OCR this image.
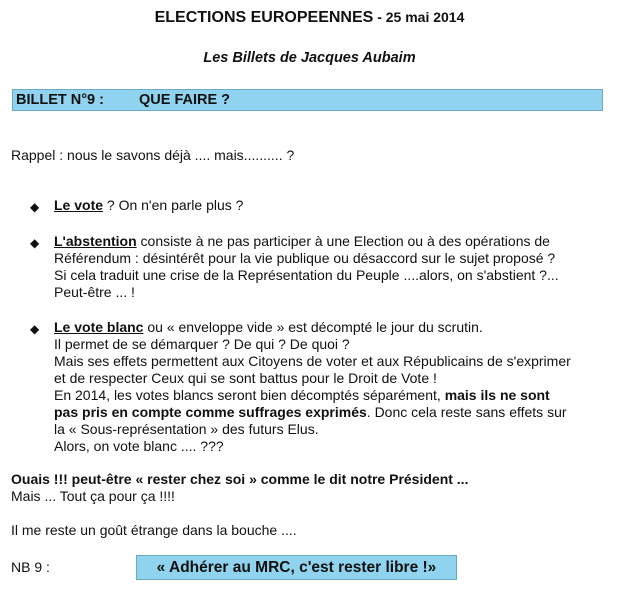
ELECTIONS EUROPEENNES - 25 mai 2014
Les Billets de Jacques Aubaim
BILLET N°9 : QUE FAIRE ?
Rappel : nous le savons déjà .... mais.......... ?
◆ Le vote ? On n'en parle plus ?
◆ L'abstention consiste à ne pas participer à une Election ou à des opérations de
Référendum : désintérêt pour la vie publique ou désaccord sur le sujet proposé ?
Si cela traduit une crise de la Représentation du Peuple ....alors, on s'abstient ?...
Peut-être ... !
◆ Le vote blanc ou « enveloppe vide » est décompté le jour du scrutin.
Il permet de se démarquer ? De qui ? De quoi ?
Mais ses effets permettent aux Citoyens de voter et aux Républicains de s'exprimer
et de respecter Ceux qui se sont battus pour le Droit de Vote !
En 2014, les votes blancs seront bien décomptés séparément, mais ils ne sont
pas pris en compte comme suffrages exprimés. Donc cela reste sans effets sur
la « Sous-représentation » des futurs Elus.
Alors, on vote blanc .... ???
Ouais !!! peut-être « rester chez soi » comme le dit notre Président ...
Mais ... Tout ça pour ça !!!!
Il me reste un goût étrange dans la bouche ....
NB 9 :	« Adhérer au MRC, c'est rester libre !»
